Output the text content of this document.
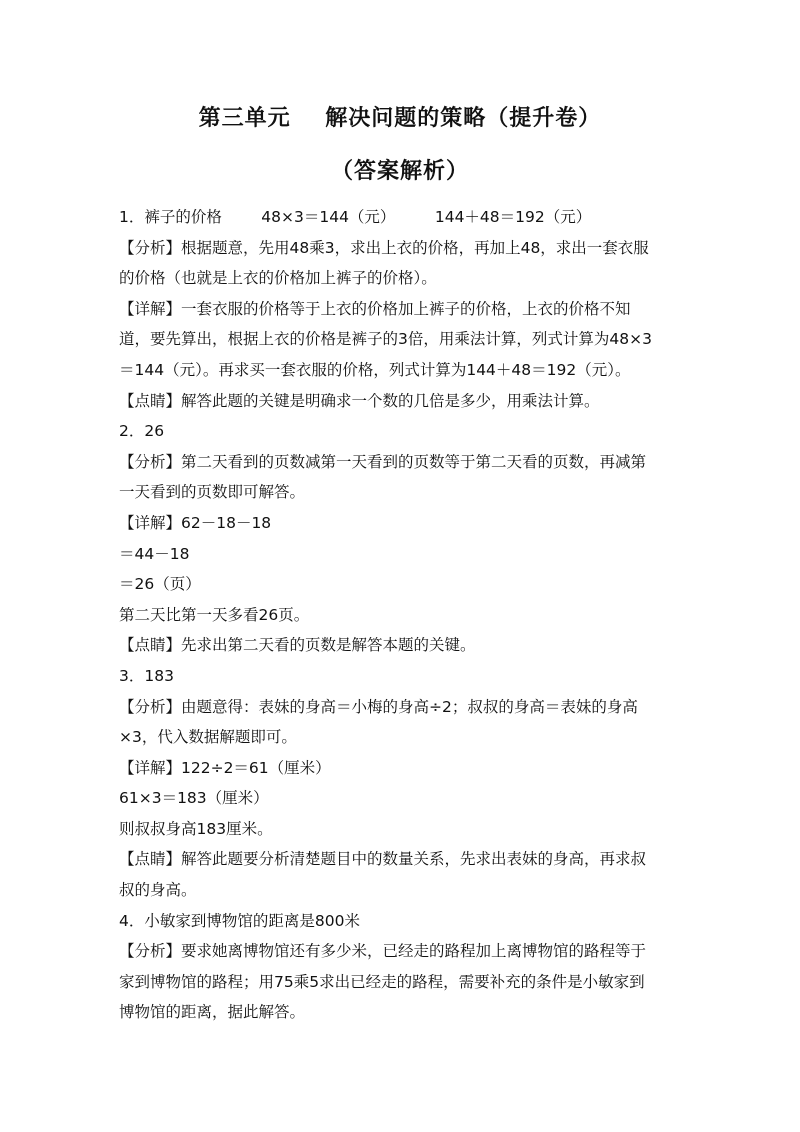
第三单元    解决问题的策略（提升卷）
（答案解析）
1．裤子的价格        48×3＝144（元）        144＋48＝192（元）
【分析】根据题意，先用48乘3，求出上衣的价格，再加上48，求出一套衣服
的价格（也就是上衣的价格加上裤子的价格）。
【详解】一套衣服的价格等于上衣的价格加上裤子的价格，上衣的价格不知
道，要先算出，根据上衣的价格是裤子的3倍，用乘法计算，列式计算为48×3
＝144（元）。再求买一套衣服的价格，列式计算为144＋48＝192（元）。
【点睛】解答此题的关键是明确求一个数的几倍是多少，用乘法计算。
2．26
【分析】第二天看到的页数减第一天看到的页数等于第二天看的页数，再减第
一天看到的页数即可解答。
【详解】62－18－18
＝44－18
＝26（页）
第二天比第一天多看26页。
【点睛】先求出第二天看的页数是解答本题的关键。
3．183
【分析】由题意得：表妹的身高＝小梅的身高÷2；叔叔的身高＝表妹的身高
×3，代入数据解题即可。
【详解】122÷2＝61（厘米）
61×3＝183（厘米）
则叔叔身高183厘米。
【点睛】解答此题要分析清楚题目中的数量关系，先求出表妹的身高，再求叔
叔的身高。
4．小敏家到博物馆的距离是800米
【分析】要求她离博物馆还有多少米，已经走的路程加上离博物馆的路程等于
家到博物馆的路程；用75乘5求出已经走的路程，需要补充的条件是小敏家到
博物馆的距离，据此解答。
